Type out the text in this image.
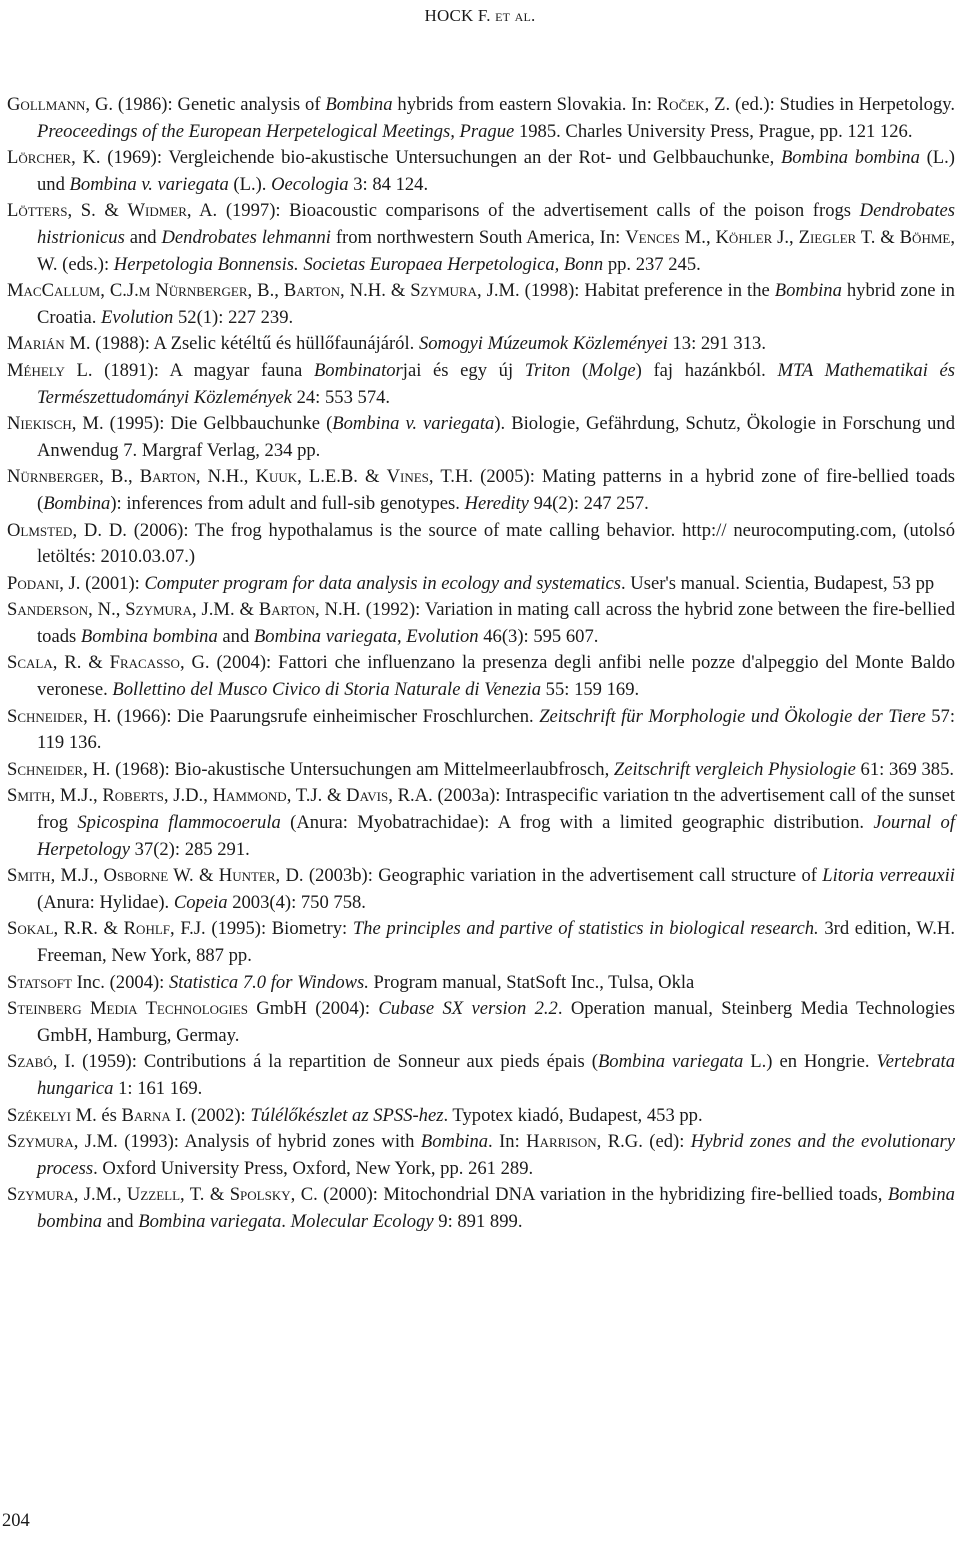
HOCK F. et al.

Gollmann, G. (1986): Genetic analysis of Bombina hybrids from eastern Slovakia. In: Roček, Z. (ed.): Studies in Herpetology. Preoceedings of the European Herpetelogical Meetings, Prague 1985. Charles University Press, Prague, pp. 121 126.

Lörcher, K. (1969): Vergleichende bio-akustische Untersuchungen an der Rot- und Gelbbauchunke, Bombina bombina (L.) und Bombina v. variegata (L.). Oecologia 3: 84 124.

Lötters, S. & Widmer, A. (1997): Bioacoustic comparisons of the advertisement calls of the poison frogs Dendrobates histrionicus and Dendrobates lehmanni from northwestern South America, In: Vences M., Köhler J., Ziegler T. & Böhme, W. (eds.): Herpetologia Bonnensis. Societas Europaea Herpetologica, Bonn pp. 237 245.

MacCallum, C.J.m Nürnberger, B., Barton, N.H. & Szymura, J.M. (1998): Habitat preference in the Bombina hybrid zone in Croatia. Evolution 52(1): 227 239.

Marián M. (1988): A Zselic kétéltű és hüllőfaunájáról. Somogyi Múzeumok Közleményei 13: 291 313.

Méhely L. (1891): A magyar fauna Bombinatorjai és egy új Triton (Molge) faj hazánkból. MTA Mathematikai és Természettudományi Közlemények 24: 553 574.

Niekisch, M. (1995): Die Gelbbauchunke (Bombina v. variegata). Biologie, Gefährdung, Schutz, Ökologie in Forschung und Anwendug 7. Margraf Verlag, 234 pp.

Nürnberger, B., Barton, N.H., Kuuk, L.E.B. & Vines, T.H. (2005): Mating patterns in a hybrid zone of fire-bellied toads (Bombina): inferences from adult and full-sib genotypes. Heredity 94(2): 247 257.

Olmsted, D. D. (2006): The frog hypothalamus is the source of mate calling behavior. http:// neurocomputing.com, (utolsó letöltés: 2010.03.07.)

Podani, J. (2001): Computer program for data analysis in ecology and systematics. User's manual. Scientia, Budapest, 53 pp

Sanderson, N., Szymura, J.M. & Barton, N.H. (1992): Variation in mating call across the hybrid zone between the fire-bellied toads Bombina bombina and Bombina variegata, Evolution 46(3): 595 607.

Scala, R. & Fracasso, G. (2004): Fattori che influenzano la presenza degli anfibi nelle pozze d'alpeggio del Monte Baldo veronese. Bollettino del Musco Civico di Storia Naturale di Venezia 55: 159 169.

Schneider, H. (1966): Die Paarungsrufe einheimischer Froschlurchen. Zeitschrift für Morphologie und Ökologie der Tiere 57: 119 136.

Schneider, H. (1968): Bio-akustische Untersuchungen am Mittelmeerlaubfrosch, Zeitschrift vergleich Physiologie 61: 369 385.

Smith, M.J., Roberts, J.D., Hammond, T.J. & Davis, R.A. (2003a): Intraspecific variation tn the advertisement call of the sunset frog Spicospina flammocoerula (Anura: Myobatrachidae): A frog with a limited geographic distribution. Journal of Herpetology 37(2): 285 291.

Smith, M.J., Osborne W. & Hunter, D. (2003b): Geographic variation in the advertisement call structure of Litoria verreauxii (Anura: Hylidae). Copeia 2003(4): 750 758.

Sokal, R.R. & Rohlf, F.J. (1995): Biometry: The principles and partive of statistics in biological research. 3rd edition, W.H. Freeman, New York, 887 pp.

Statsoft Inc. (2004): Statistica 7.0 for Windows. Program manual, StatSoft Inc., Tulsa, Okla

Steinberg Media Technologies GmbH (2004): Cubase SX version 2.2. Operation manual, Steinberg Media Technologies GmbH, Hamburg, Germay.

Szabó, I. (1959): Contributions á la repartition de Sonneur aux pieds épais (Bombina variegata L.) en Hongrie. Vertebrata hungarica 1: 161 169.

Székelyi M. és Barna I. (2002): Túlélőkészlet az SPSS-hez. Typotex kiadó, Budapest, 453 pp.

Szymura, J.M. (1993): Analysis of hybrid zones with Bombina. In: Harrison, R.G. (ed): Hybrid zones and the evolutionary process. Oxford University Press, Oxford, New York, pp. 261 289.

Szymura, J.M., Uzzell, T. & Spolsky, C. (2000): Mitochondrial DNA variation in the hybridizing fire-bellied toads, Bombina bombina and Bombina variegata. Molecular Ecology 9: 891 899.

204
